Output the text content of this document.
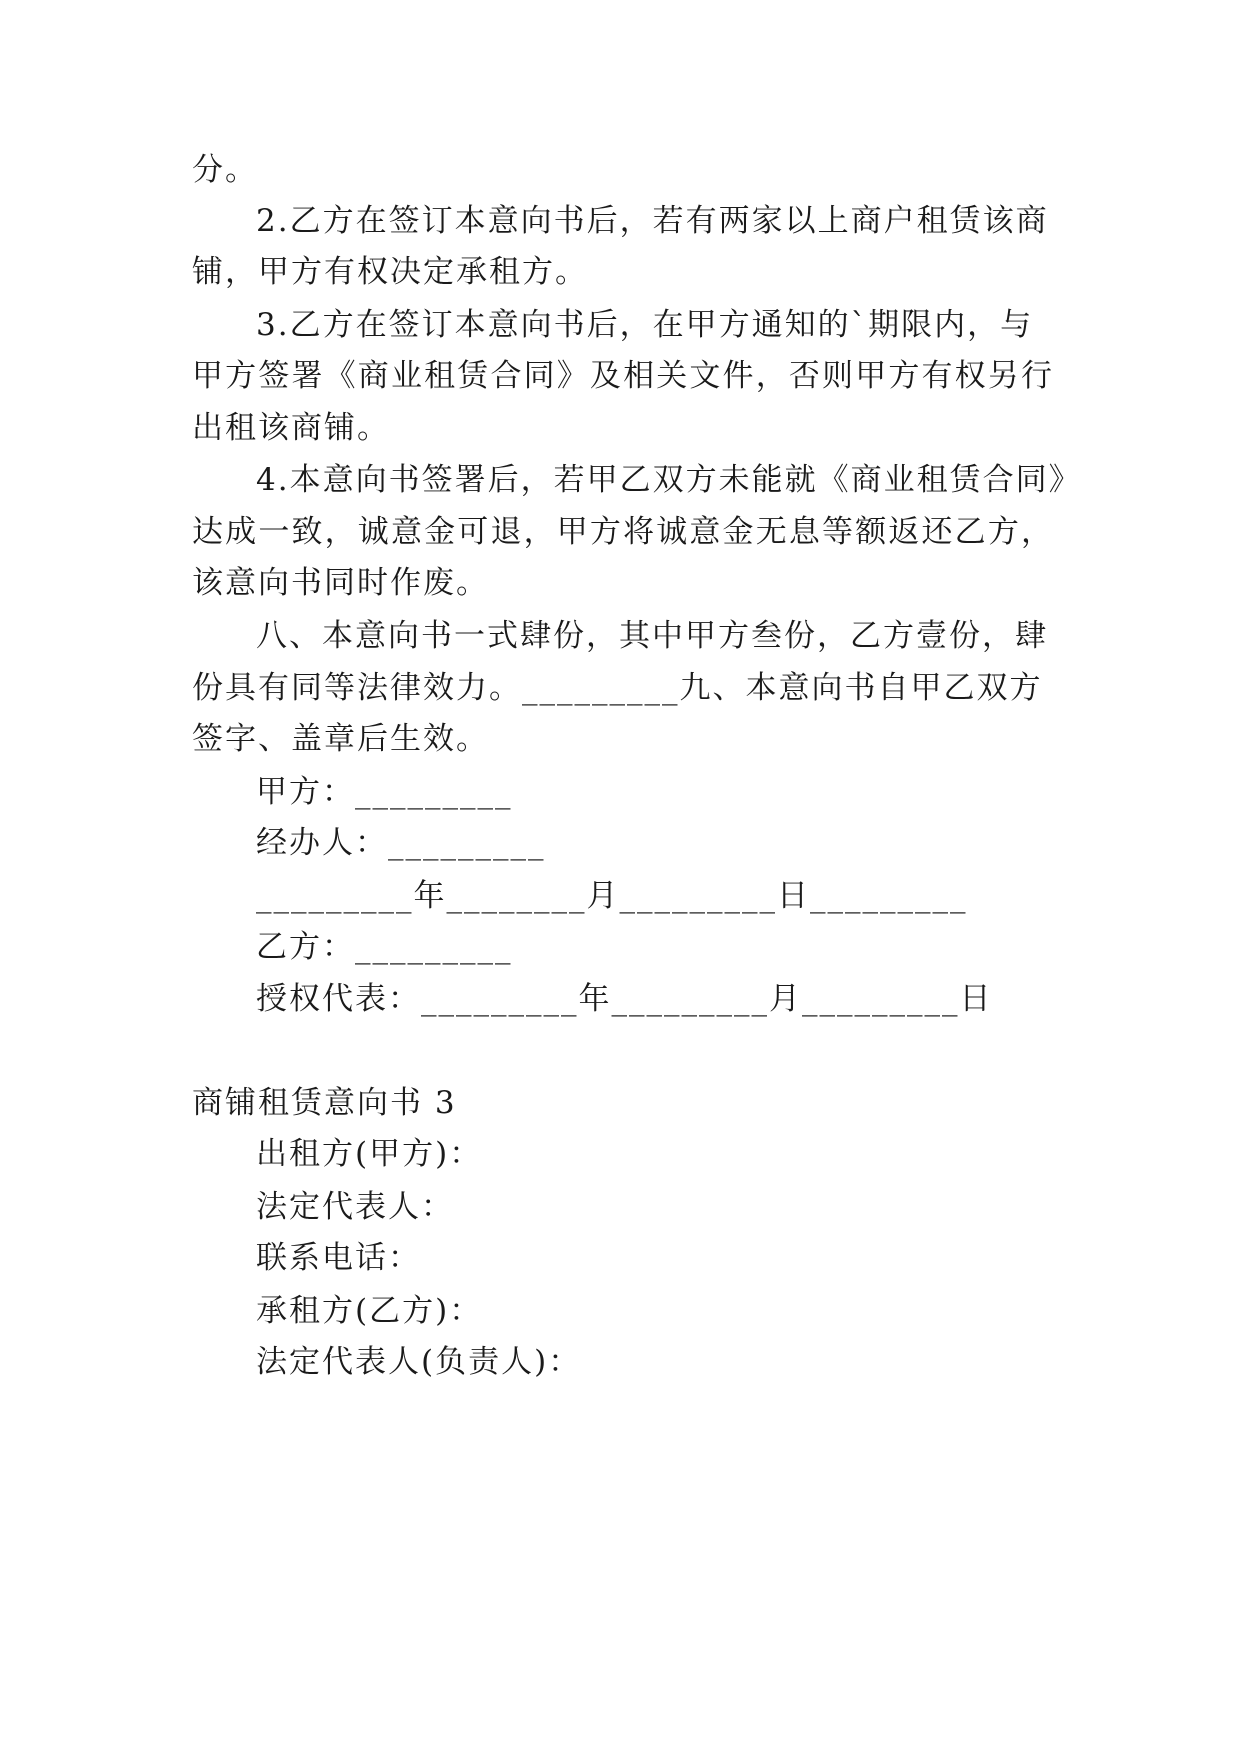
分。
2.乙方在签订本意向书后，若有两家以上商户租赁该商
铺，甲方有权决定承租方。
3.乙方在签订本意向书后，在甲方通知的`期限内，与
甲方签署《商业租赁合同》及相关文件，否则甲方有权另行
出租该商铺。
4.本意向书签署后，若甲乙双方未能就《商业租赁合同》
达成一致，诚意金可退，甲方将诚意金无息等额返还乙方，
该意向书同时作废。
八、本意向书一式肆份，其中甲方叁份，乙方壹份，肆
份具有同等法律效力。_________九、本意向书自甲乙双方
签字、盖章后生效。
甲方：_________
经办人：_________
_________年________月_________日_________
乙方：_________
授权代表：_________年_________月_________日
商铺租赁意向书 3
出租方(甲方)：
法定代表人：
联系电话：
承租方(乙方)：
法定代表人(负责人)：
